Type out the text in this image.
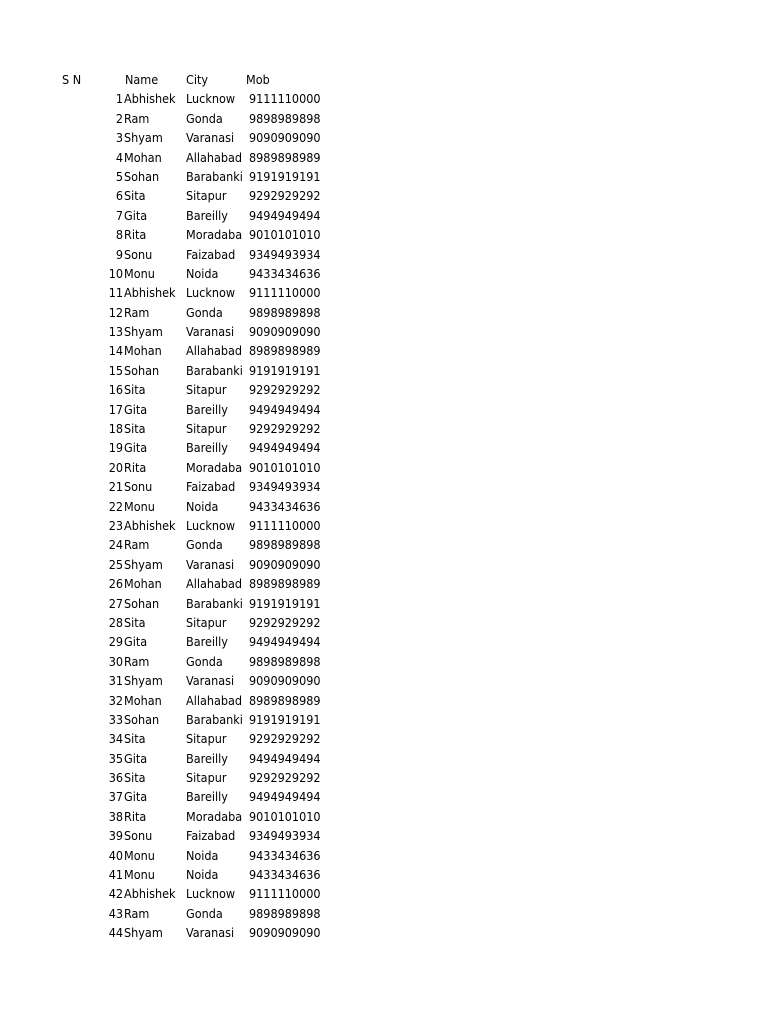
S N	Name City	Mob
1 Abhishek Lucknow 9111110000
2 Ram	Gonda 9898989898
3 Shyam Varanasi 9090909090
4 Mohan Allahabad 8989898989
5 Sohan Barabanki 9191919191
6 Sita	Sitapur 9292929292
7 Gita	Bareilly 9494949494
8 Rita	Moradaba 9010101010
9 Sonu	Faizabad 9349493934
10 Monu Noida 9433434636
11 Abhishek Lucknow 9111110000
12 Ram	Gonda 9898989898
13 Shyam Varanasi 9090909090
14 Mohan Allahabad 8989898989
15 Sohan Barabanki 9191919191
16 Sita	Sitapur 9292929292
17 Gita	Bareilly 9494949494
18 Sita	Sitapur 9292929292
19 Gita	Bareilly 9494949494
20 Rita	Moradaba 9010101010
21 Sonu	Faizabad 9349493934
22 Monu Noida 9433434636
23 Abhishek Lucknow 9111110000
24 Ram	Gonda 9898989898
25 Shyam Varanasi 9090909090
26 Mohan Allahabad 8989898989
27 Sohan Barabanki 9191919191
28 Sita	Sitapur 9292929292
29 Gita	Bareilly 9494949494
30 Ram	Gonda 9898989898
31 Shyam Varanasi 9090909090
32 Mohan Allahabad 8989898989
33 Sohan Barabanki 9191919191
34 Sita	Sitapur 9292929292
35 Gita	Bareilly 9494949494
36 Sita	Sitapur 9292929292
37 Gita	Bareilly 9494949494
38 Rita	Moradaba 9010101010
39 Sonu	Faizabad 9349493934
40 Monu Noida 9433434636
41 Monu Noida 9433434636
42 Abhishek Lucknow 9111110000
43 Ram	Gonda 9898989898
44 Shyam Varanasi 9090909090
